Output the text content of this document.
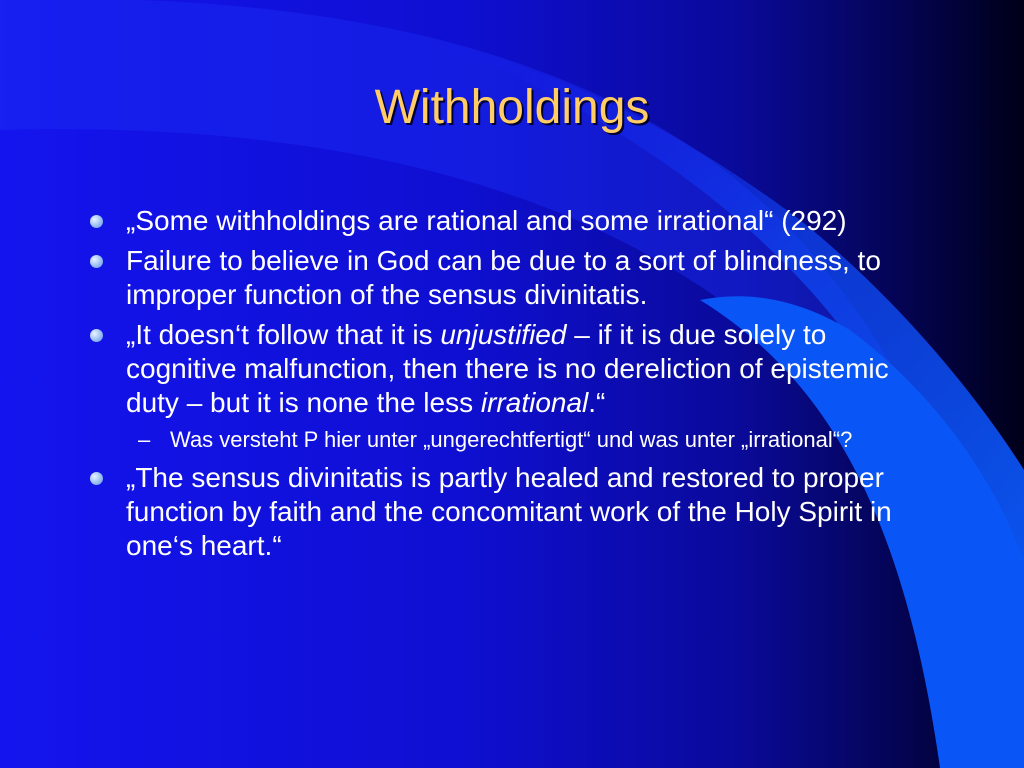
Withholdings
„Some withholdings are rational and some irrational“ (292)
Failure to believe in God can be due to a sort of blindness, to improper function of the sensus divinitatis.
„It doesn‘t follow that it is unjustified – if it is due solely to cognitive malfunction, then there is no dereliction of epistemic duty – but it is none the less irrational.“
– Was versteht P hier unter „ungerechtfertigt“ und was unter „irrational“?
„The sensus divinitatis is partly healed and restored to proper function by faith and the concomitant work of the Holy Spirit in one‘s heart.“
